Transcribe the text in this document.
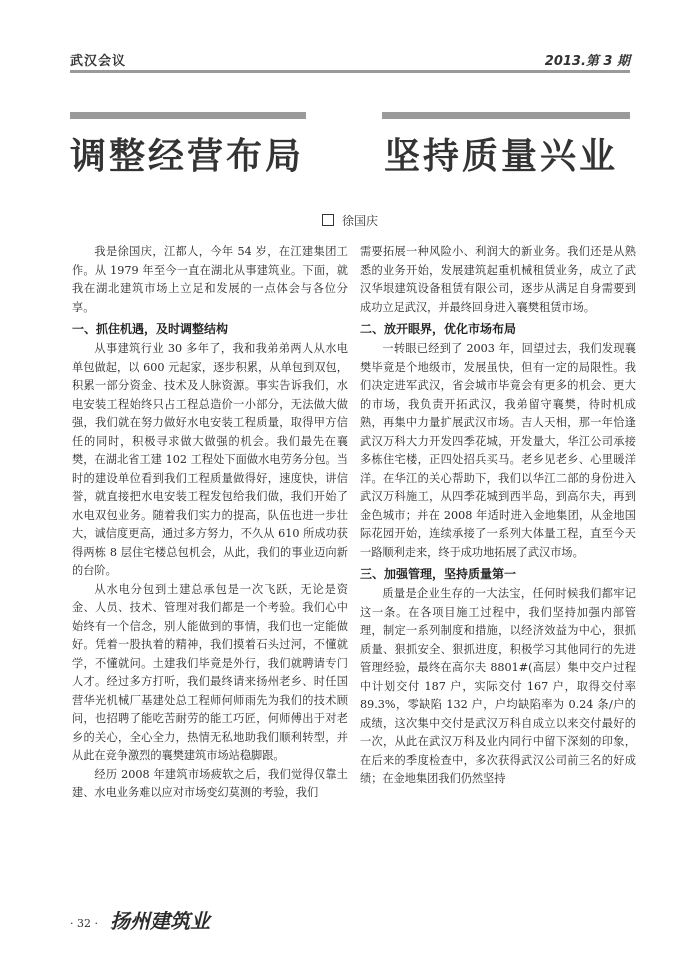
武汉会议	2013.第 3 期
调整经营布局 坚持质量兴业
徐国庆

我是徐国庆，江都人，今年 54 岁，在江建集团工作。从 1979 年至今一直在湖北从事建筑业。下面，就我在湖北建筑市场上立足和发展的一点体会与各位分享。

一、抓住机遇，及时调整结构

从事建筑行业 30 多年了，我和我弟弟两人从水电单包做起，以 600 元起家，逐步积累，从单包到双包，积累一部分资金、技术及人脉资源。事实告诉我们，水电安装工程始终只占工程总造价一小部分，无法做大做强，我们就在努力做好水电安装工程质量，取得甲方信任的同时，积极寻求做大做强的机会。我们最先在襄樊，在湖北省工建 102 工程处下面做水电劳务分包。当时的建设单位看到我们工程质量做得好，速度快，讲信誉，就直接把水电安装工程发包给我们做，我们开始了水电双包业务。随着我们实力的提高，队伍也进一步壮大，诚信度更高，通过多方努力，不久从 610 所成功获得两栋 8 层住宅楼总包机会，从此，我们的事业迈向新的台阶。

从水电分包到土建总承包是一次飞跃，无论是资金、人员、技术、管理对我们都是一个考验。我们心中始终有一个信念，别人能做到的事情，我们也一定能做好。凭着一股执着的精神，我们摸着石头过河，不懂就学，不懂就问。土建我们毕竟是外行，我们就聘请专门人才。经过多方打听，我们最终请来扬州老乡、时任国营华光机械厂基建处总工程师何师雨先为我们的技术顾问，也招聘了能吃苦耐劳的能工巧匠，何师傅出于对老乡的关心，全心全力，热情无私地助我们顺利转型，并从此在竞争激烈的襄樊建筑市场站稳脚跟。

经历 2008 年建筑市场疲软之后，我们觉得仅靠土建、水电业务难以应对市场变幻莫测的考验，我们

需要拓展一种风险小、利润大的新业务。我们还是从熟悉的业务开始，发展建筑起重机械租赁业务，成立了武汉华垠建筑设备租赁有限公司，逐步从满足自身需要到成功立足武汉，并最终回身进入襄樊租赁市场。

二、放开眼界，优化市场布局

一转眼已经到了 2003 年，回望过去，我们发现襄樊毕竟是个地级市，发展虽快，但有一定的局限性。我们决定进军武汉，省会城市毕竟会有更多的机会、更大的市场，我负责开拓武汉，我弟留守襄樊，待时机成熟，再集中力量扩展武汉市场。吉人天相，那一年恰逢武汉万科大力开发四季花城，开发量大，华江公司承接多栋住宅楼，正四处招兵买马。老乡见老乡、心里暖洋洋。在华江的关心帮助下，我们以华江二部的身份进入武汉万科施工，从四季花城到西半岛，到高尔夫，再到金色城市；并在 2008 年适时进入金地集团，从金地国际花园开始，连续承接了一系列大体量工程，直至今天一路顺利走来，终于成功地拓展了武汉市场。

三、加强管理，坚持质量第一

质量是企业生存的一大法宝，任何时候我们都牢记这一条。在各项目施工过程中，我们坚持加强内部管理，制定一系列制度和措施，以经济效益为中心，狠抓质量、狠抓安全、狠抓进度，积极学习其他同行的先进管理经验，最终在高尔夫 8801#(高层）集中交户过程中计划交付 187 户，实际交付 167 户，取得交付率 89.3%，零缺陷 132 户，户均缺陷率为 0.24 条/户的成绩，这次集中交付是武汉万科自成立以来交付最好的一次，从此在武汉万科及业内同行中留下深刻的印象，在后来的季度检查中，多次获得武汉公司前三名的好成绩；在金地集团我们仍然坚持

· 32 · 扬州建筑业
